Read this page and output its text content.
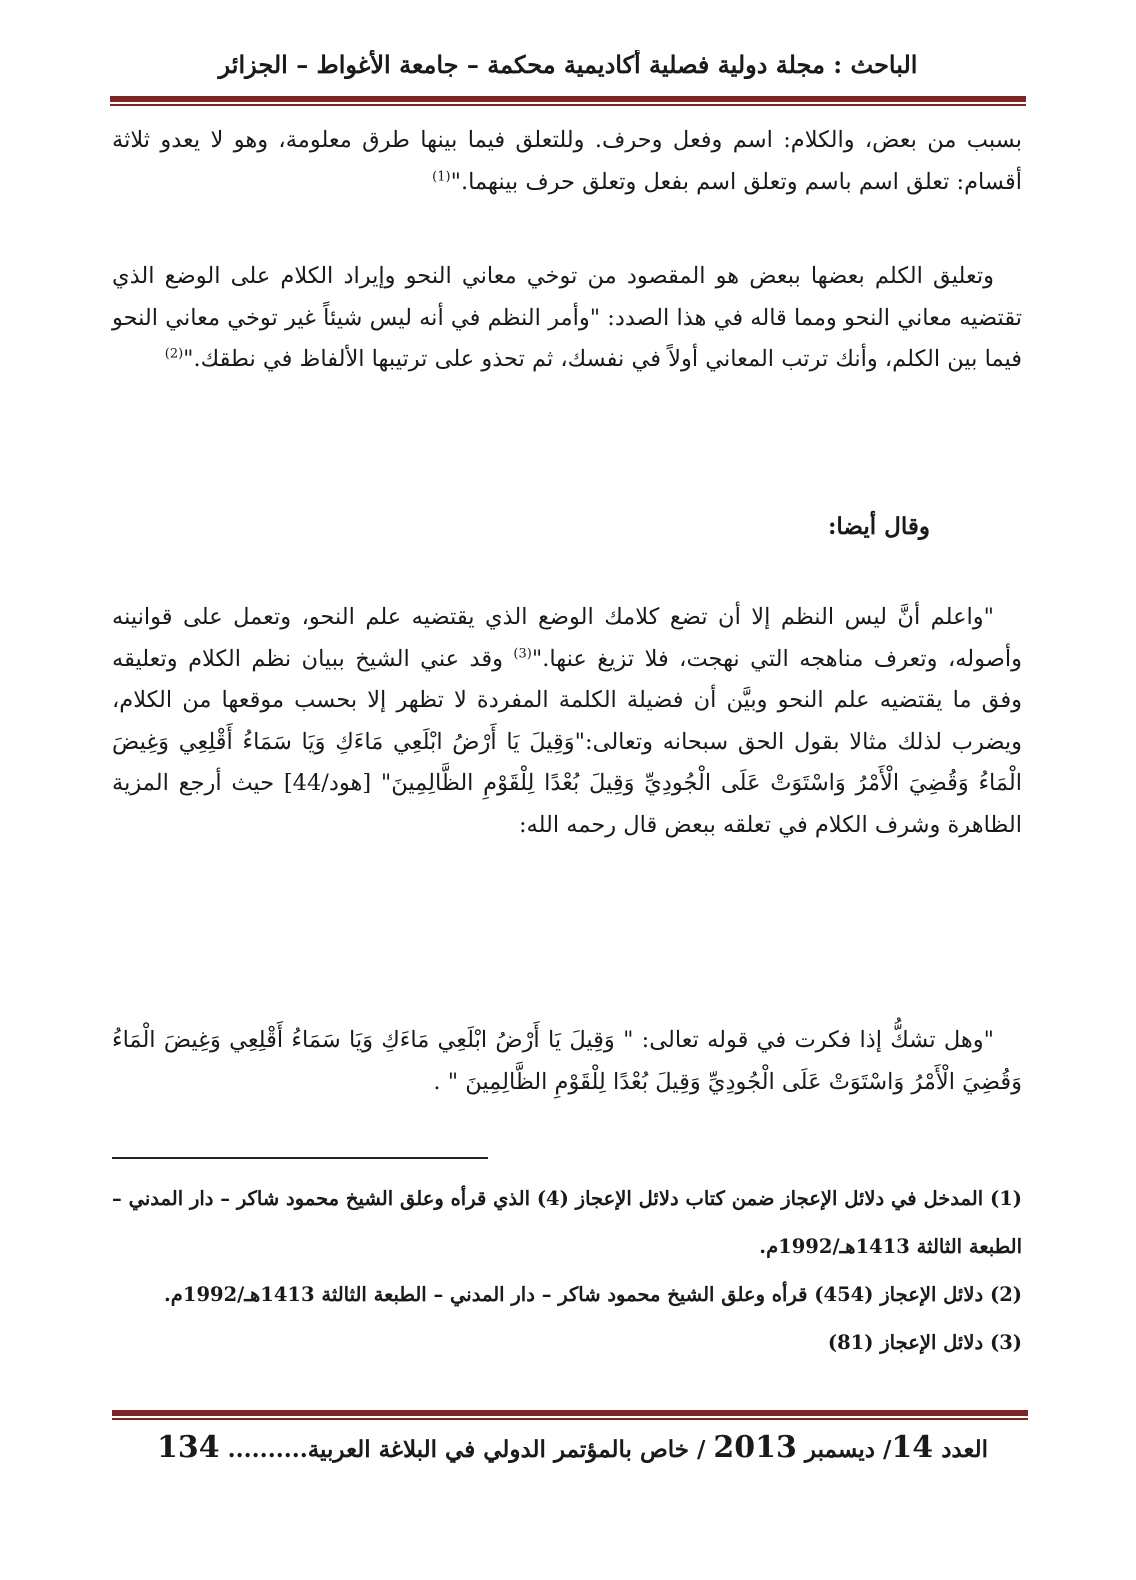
الباحث : مجلة دولية فصلية أكاديمية محكمة – جامعة الأغواط – الجزائر

بسبب من بعض، والكلام: اسم وفعل وحرف. وللتعلق فيما بينها طرق معلومة، وهو لا يعدو ثلاثة أقسام: تعلق اسم باسم وتعلق اسم بفعل وتعلق حرف بينهما."$^{(1)}$

وتعليق الكلم بعضها ببعض هو المقصود من توخي معاني النحو وإيراد الكلام على الوضع الذي تقتضيه معاني النحو ومما قاله في هذا الصدد: "وأمر النظم في أنه ليس شيئاً غير توخي معاني النحو فيما بين الكلم، وأنك ترتب المعاني أولاً في نفسك، ثم تحذو على ترتيبها الألفاظ في نطقك."$^{(2)}$

وقال أيضا:

"واعلم أنَّ ليس النظم إلا أن تضع كلامك الوضع الذي يقتضيه علم النحو، وتعمل على قوانينه وأصوله، وتعرف مناهجه التي نهجت، فلا تزيغ عنها."$^{(3)}$ وقد عني الشيخ ببيان نظم الكلام وتعليقه وفق ما يقتضيه علم النحو وبيَّن أن فضيلة الكلمة المفردة لا تظهر إلا بحسب موقعها من الكلام، ويضرب لذلك مثالا بقول الحق سبحانه وتعالى:"وَقِيلَ يَا أَرْضُ ابْلَعِي مَاءَكِ وَيَا سَمَاءُ أَقْلِعِي وَغِيضَ الْمَاءُ وَقُضِيَ الْأَمْرُ وَاسْتَوَتْ عَلَى الْجُودِيِّ وَقِيلَ بُعْدًا لِلْقَوْمِ الظَّالِمِينَ" [هود/44] حيث أرجع المزية الظاهرة وشرف الكلام في تعلقه ببعض قال رحمه الله:

"وهل تشكُّ إذا فكرت في قوله تعالى: " وَقِيلَ يَا أَرْضُ ابْلَعِي مَاءَكِ وَيَا سَمَاءُ أَقْلِعِي وَغِيضَ الْمَاءُ وَقُضِيَ الْأَمْرُ وَاسْتَوَتْ عَلَى الْجُودِيِّ وَقِيلَ بُعْدًا لِلْقَوْمِ الظَّالِمِينَ " .

(1) المدخل في دلائل الإعجاز ضمن كتاب دلائل الإعجاز (4) الذي قرأه وعلق الشيخ محمود شاكر – دار المدني – الطبعة الثالثة 1413هـ/1992م.

(2) دلائل الإعجاز (454) قرأه وعلق الشيخ محمود شاكر – دار المدني – الطبعة الثالثة 1413هـ/1992م.

(3) دلائل الإعجاز (81)

العدد 14/ ديسمبر 2013 / خاص بالمؤتمر الدولي في البلاغة العربية.......... 134
